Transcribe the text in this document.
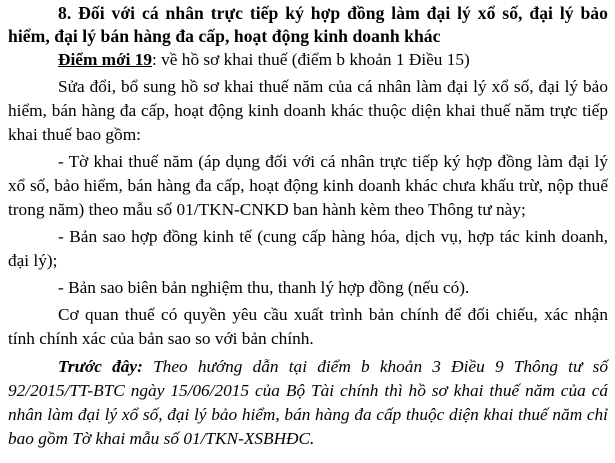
8. Đối với cá nhân trực tiếp ký hợp đồng làm đại lý xổ số, đại lý bảo hiểm, đại lý bán hàng đa cấp, hoạt động kinh doanh khác

Điểm mới 19: về hồ sơ khai thuế (điểm b khoản 1 Điều 15)

Sửa đổi, bổ sung hồ sơ khai thuế năm của cá nhân làm đại lý xổ số, đại lý bảo hiểm, bán hàng đa cấp, hoạt động kinh doanh khác thuộc diện khai thuế năm trực tiếp khai thuế bao gồm:

- Tờ khai thuế năm (áp dụng đối với cá nhân trực tiếp ký hợp đồng làm đại lý xổ số, bảo hiểm, bán hàng đa cấp, hoạt động kinh doanh khác chưa khấu trừ, nộp thuế trong năm) theo mẫu số 01/TKN-CNKD ban hành kèm theo Thông tư này;

- Bản sao hợp đồng kinh tế (cung cấp hàng hóa, dịch vụ, hợp tác kinh doanh, đại lý);

- Bản sao biên bản nghiệm thu, thanh lý hợp đồng (nếu có).

Cơ quan thuế có quyền yêu cầu xuất trình bản chính để đối chiếu, xác nhận tính chính xác của bản sao so với bản chính.

Trước đây: Theo hướng dẫn tại điểm b khoản 3 Điều 9 Thông tư số 92/2015/TT-BTC ngày 15/06/2015 của Bộ Tài chính thì hồ sơ khai thuế năm của cá nhân làm đại lý xổ số, đại lý bảo hiểm, bán hàng đa cấp thuộc diện khai thuế năm chỉ bao gồm Tờ khai mẫu số 01/TKN-XSBHĐC.
